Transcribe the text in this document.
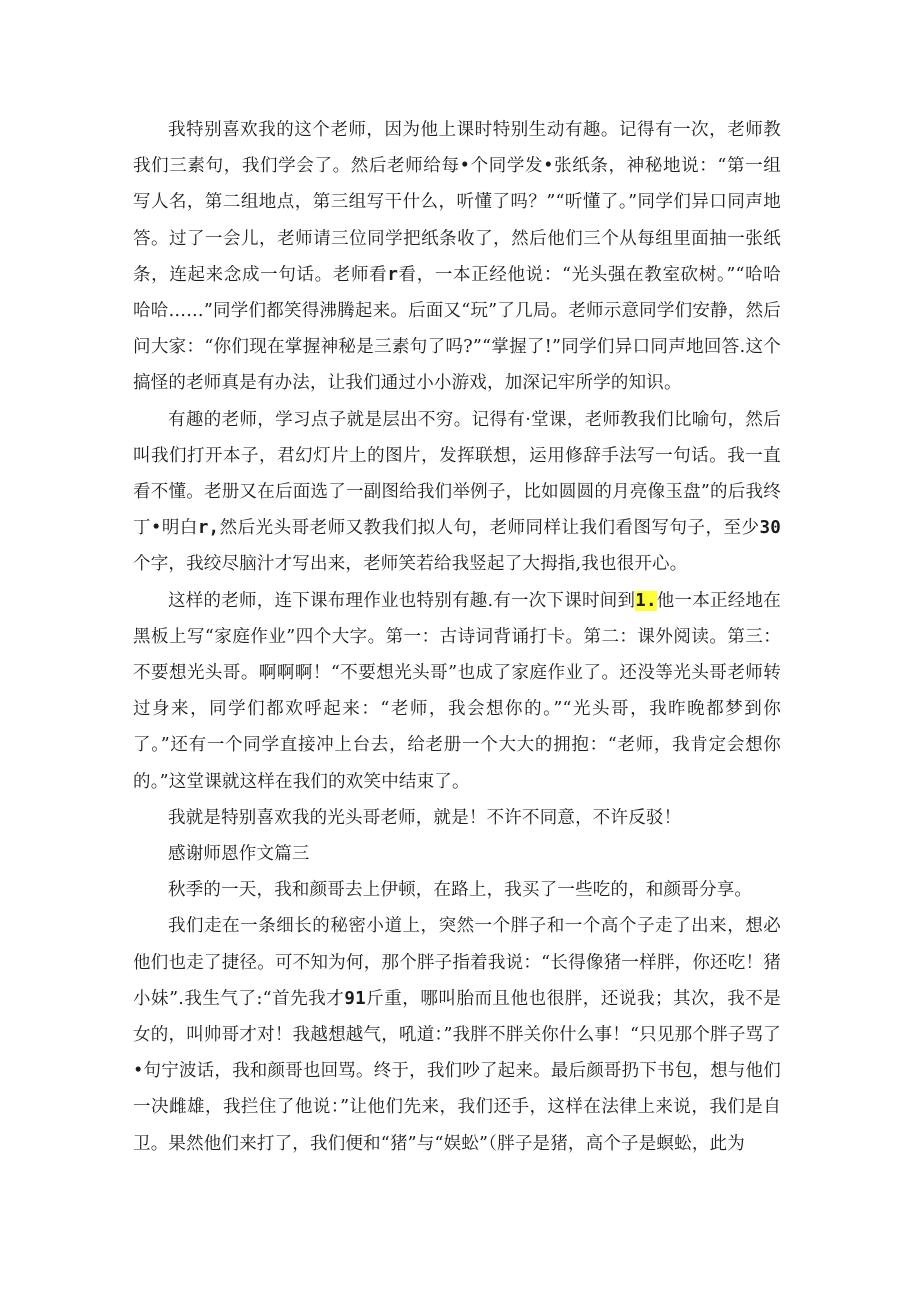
我特别喜欢我的这个老师，因为他上课时特别生动有趣。记得有一次，老师教我们三素句，我们学会了。然后老师给每•个同学发•张纸条，神秘地说：“第一组写人名，第二组地点，第三组写干什么，听懂了吗？”“听懂了。”同学们异口同声地答。过了一会儿，老师请三位同学把纸条收了，然后他们三个从每组里面抽一张纸条，连起来念成一句话。老师看r看，一本正经他说：“光头强在教室砍树。”“哈哈哈哈……”同学们都笑得沸腾起来。后面又“玩”了几局。老师示意同学们安静，然后问大家：“你们现在掌握神秘是三素句了吗?”“掌握了!”同学们异口同声地回答.这个搞怪的老师真是有办法，让我们通过小小游戏，加深记牢所学的知识。

有趣的老师，学习点子就是层出不穷。记得有·堂课，老师教我们比喻句，然后叫我们打开本子，君幻灯片上的图片，发挥联想，运用修辞手法写一句话。我一直看不懂。老册又在后面选了一副图给我们举例子，比如圆圆的月亮像玉盘”的后我终丁•明白r,然后光头哥老师又教我们拟人句，老师同样让我们看图写句子，至少30个字，我绞尽脑汁才写出来，老师笑若给我竖起了大拇指,我也很开心。

这样的老师，连下课布理作业也特别有趣.有一次下课时间到1.他一本正经地在黑板上写“家庭作业”四个大字。第一：古诗词背诵打卡。第二：课外阅读。第三：不要想光头哥。啊啊啊！“不要想光头哥”也成了家庭作业了。还没等光头哥老师转过身来，同学们都欢呼起来：“老师，我会想你的。”“光头哥，我昨晚都梦到你了。”还有一个同学直接冲上台去，给老册一个大大的拥抱：“老师，我肯定会想你的。”这堂课就这样在我们的欢笑中结束了。

我就是特别喜欢我的光头哥老师，就是！不许不同意，不许反驳！

感谢师恩作文篇三

秋季的一天，我和颜哥去上伊顿，在路上，我买了一些吃的，和颜哥分享。

我们走在一条细长的秘密小道上，突然一个胖子和一个高个子走了出来，想必他们也走了捷径。可不知为何，那个胖子指着我说：“长得像猪一样胖，你还吃！猪小妹”.我生气了:“首先我才91斤重，哪叫胎而且他也很胖，还说我；其次，我不是女的，叫帅哥才对！我越想越气，吼道：”我胖不胖关你什么事！“只见那个胖子骂了•句宁波话，我和颜哥也回骂。终于，我们吵了起来。最后颜哥扔下书包，想与他们一决雌雄，我拦住了他说：”让他们先来，我们还手，这样在法律上来说，我们是自卫。果然他们来打了，我们便和“猪”与“娱蚣”（胖子是猪，高个子是螟蚣，此为
